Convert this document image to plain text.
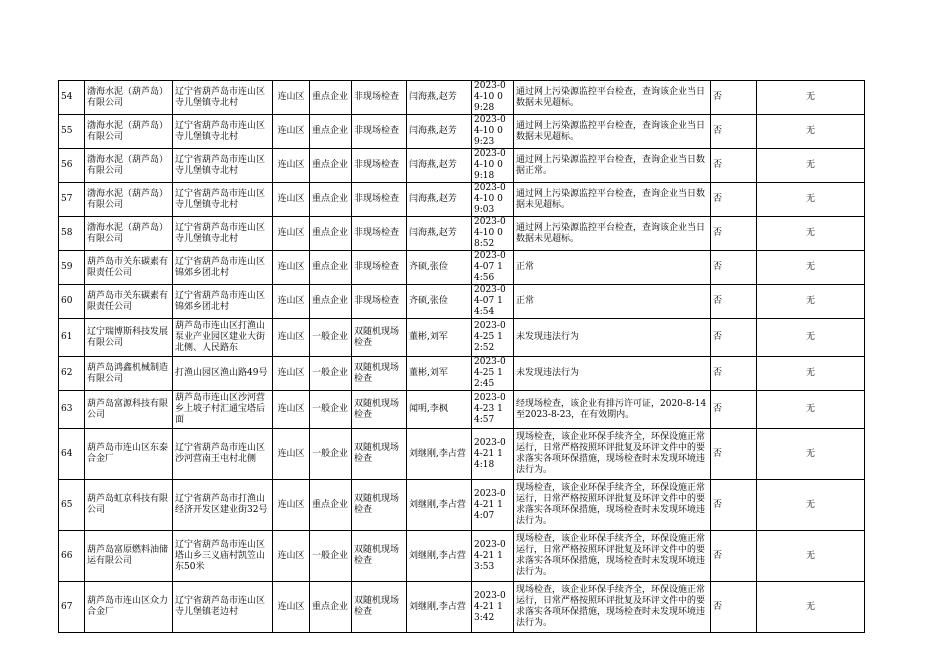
54	渤海水泥（葫芦岛）有限公司	辽宁省葫芦岛市连山区寺儿堡镇寺北村	连山区	重点企业	非现场检查	闫海燕,赵芳	2023-04-10 09:28	通过网上污染源监控平台检查，查询该企业当日数据未见超标。	否	无
55	渤海水泥（葫芦岛）有限公司	辽宁省葫芦岛市连山区寺儿堡镇寺北村	连山区	重点企业	非现场检查	闫海燕,赵芳	2023-04-10 09:23	通过网上污染源监控平台检查，查询该企业当日数据未见超标。	否	无
56	渤海水泥（葫芦岛）有限公司	辽宁省葫芦岛市连山区寺儿堡镇寺北村	连山区	重点企业	非现场检查	闫海燕,赵芳	2023-04-10 09:18	通过网上污染源监控平台检查，查询企业当日数据正常。	否	无
57	渤海水泥（葫芦岛）有限公司	辽宁省葫芦岛市连山区寺儿堡镇寺北村	连山区	重点企业	非现场检查	闫海燕,赵芳	2023-04-10 09:03	通过网上污染源监控平台检查，查询企业当日数据未见超标。	否	无
58	渤海水泥（葫芦岛）有限公司	辽宁省葫芦岛市连山区寺儿堡镇寺北村	连山区	重点企业	非现场检查	闫海燕,赵芳	2023-04-10 08:52	通过网上污染源监控平台检查，查询该企业当日数据未见超标。	否	无
59	葫芦岛市关东碳素有限责任公司	辽宁省葫芦岛市连山区锦郊乡团北村	连山区	重点企业	非现场检查	齐硕,张俭	2023-04-07 14:56	正常	否	无
60	葫芦岛市关东碳素有限责任公司	辽宁省葫芦岛市连山区锦郊乡团北村	连山区	重点企业	非现场检查	齐硕,张俭	2023-04-07 14:54	正常	否	无
61	辽宁瑞博斯科技发展有限公司	葫芦岛市连山区打渔山泵业产业园区建业大街北侧、人民路东	连山区	一般企业	双随机现场检查	董彬,刘军	2023-04-25 12:52	未发现违法行为	否	无
62	葫芦岛鸿鑫机械制造有限公司	打渔山园区渔山路49号	连山区	一般企业	双随机现场检查	董彬,刘军	2023-04-25 12:45	未发现违法行为	否	无
63	葫芦岛富源科技有限公司	葫芦岛市连山区沙河营乡上坡子村汇通宝塔后面	连山区	一般企业	双随机现场检查	闻明,李枫	2023-04-23 14:57	经现场检查，该企业有排污许可证，2020-8-14至2023-8-23，在有效期内。	否	无
64	葫芦岛市连山区东泰合金厂	辽宁省葫芦岛市连山区沙河营南王屯村北侧	连山区	一般企业	双随机现场检查	刘继刚,李占营	2023-04-21 14:18	现场检查，该企业环保手续齐全，环保设施正常运行，日常严格按照环评批复及环评文件中的要求落实各项环保措施，现场检查时未发现环境违法行为。	否	无
65	葫芦岛虹京科技有限公司	辽宁省葫芦岛市打渔山经济开发区建业街32号	连山区	重点企业	双随机现场检查	刘继刚,李占营	2023-04-21 14:07	现场检查，该企业环保手续齐全，环保设施正常运行，日常严格按照环评批复及环评文件中的要求落实各项环保措施，现场检查时未发现环境违法行为。	否	无
66	葫芦岛富原燃料油储运有限公司	辽宁省葫芦岛市连山区塔山乡三义庙村凯笠山东50米	连山区	一般企业	双随机现场检查	刘继刚,李占营	2023-04-21 13:53	现场检查，该企业环保手续齐全，环保设施正常运行，日常严格按照环评批复及环评文件中的要求落实各项环保措施，现场检查时未发现环境违法行为。	否	无
67	葫芦岛市连山区众力合金厂	辽宁省葫芦岛市连山区寺儿堡镇老边村	连山区	重点企业	双随机现场检查	刘继刚,李占营	2023-04-21 13:42	现场检查，该企业环保手续齐全，环保设施正常运行，日常严格按照环评批复及环评文件中的要求落实各项环保措施，现场检查时未发现环境违法行为。	否	无
